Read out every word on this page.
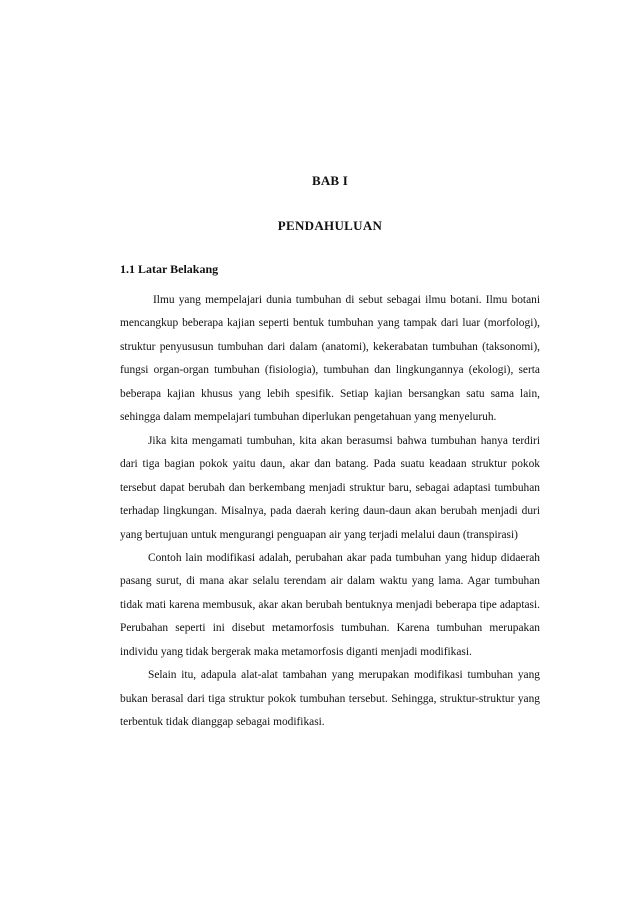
BAB I
PENDAHULUAN
1.1 Latar Belakang

Ilmu yang mempelajari dunia tumbuhan di sebut sebagai ilmu botani. Ilmu botani mencangkup beberapa kajian seperti bentuk tumbuhan yang tampak dari luar (morfologi), struktur penyususun tumbuhan dari dalam (anatomi), kekerabatan tumbuhan (taksonomi), fungsi organ-organ tumbuhan (fisiologia), tumbuhan dan lingkungannya (ekologi), serta beberapa kajian khusus yang lebih spesifik. Setiap kajian bersangkan satu sama lain, sehingga dalam mempelajari tumbuhan diperlukan pengetahuan yang menyeluruh.

Jika kita mengamati tumbuhan, kita akan berasumsi bahwa tumbuhan hanya terdiri dari tiga bagian pokok yaitu daun, akar dan batang. Pada suatu keadaan struktur pokok tersebut dapat berubah dan berkembang menjadi struktur baru, sebagai adaptasi tumbuhan terhadap lingkungan. Misalnya, pada daerah kering daun-daun akan berubah menjadi duri yang bertujuan untuk mengurangi penguapan air yang terjadi melalui daun (transpirasi)

Contoh lain modifikasi adalah, perubahan akar pada tumbuhan yang hidup didaerah pasang surut, di mana akar selalu terendam air dalam waktu yang lama. Agar tumbuhan tidak mati karena membusuk, akar akan berubah bentuknya menjadi beberapa tipe adaptasi. Perubahan seperti ini disebut metamorfosis tumbuhan. Karena tumbuhan merupakan individu yang tidak bergerak maka metamorfosis diganti menjadi modifikasi.

Selain itu, adapula alat-alat tambahan yang merupakan modifikasi tumbuhan yang bukan berasal dari tiga struktur pokok tumbuhan tersebut. Sehingga, struktur-struktur yang terbentuk tidak dianggap sebagai modifikasi.
